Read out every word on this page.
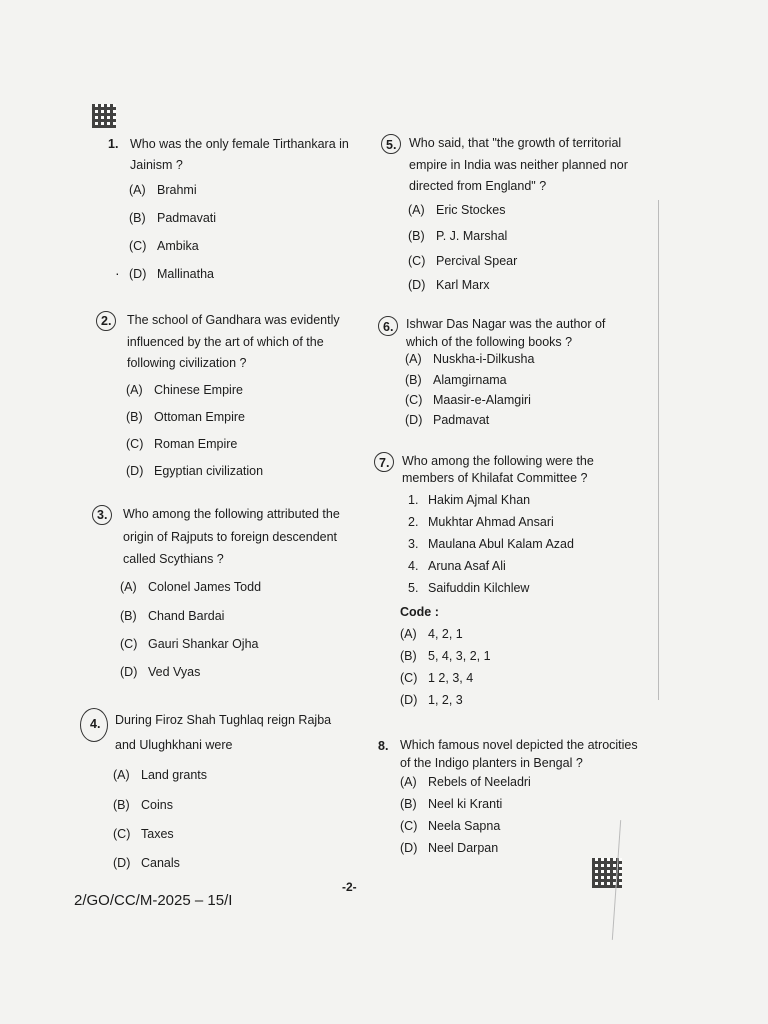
1. Who was the only female Tirthankara in
Jainism ?
(A) Brahmi
(B) Padmavati
(C) Ambika
(D) Mallinatha
·
2. The school of Gandhara was evidently
influenced by the art of which of the
following civilization ?
(A) Chinese Empire
(B) Ottoman Empire
(C) Roman Empire
(D) Egyptian civilization
3. Who among the following attributed the
origin of Rajputs to foreign descendent
called Scythians ?
(A) Colonel James Todd
(B) Chand Bardai
(C) Gauri Shankar Ojha
(D) Ved Vyas
4. During Firoz Shah Tughlaq reign Rajba
and Ulughkhani were
(A) Land grants
(B) Coins
(C) Taxes
(D) Canals
5. Who said, that "the growth of territorial
empire in India was neither planned nor
directed from England" ?
(A) Eric Stockes
(B) P. J. Marshal
(C) Percival Spear
(D) Karl Marx
6. Ishwar Das Nagar was the author of
which of the following books ?
(A) Nuskha-i-Dilkusha
(B) Alamgirnama
(C) Maasir-e-Alamgiri
(D) Padmavat
7. Who among the following were the
members of Khilafat Committee ?
1. Hakim Ajmal Khan
2. Mukhtar Ahmad Ansari
3. Maulana Abul Kalam Azad
4. Aruna Asaf Ali
5. Saifuddin Kilchlew
Code :
(A) 4, 2, 1
(B) 5, 4, 3, 2, 1
(C) 1 2, 3, 4
(D) 1, 2, 3
8. Which famous novel depicted the atrocities
of the Indigo planters in Bengal ?
(A) Rebels of Neeladri
(B) Neel ki Kranti
(C) Neela Sapna
(D) Neel Darpan
-2-
2/GO/CC/M-2025 – 15/I
